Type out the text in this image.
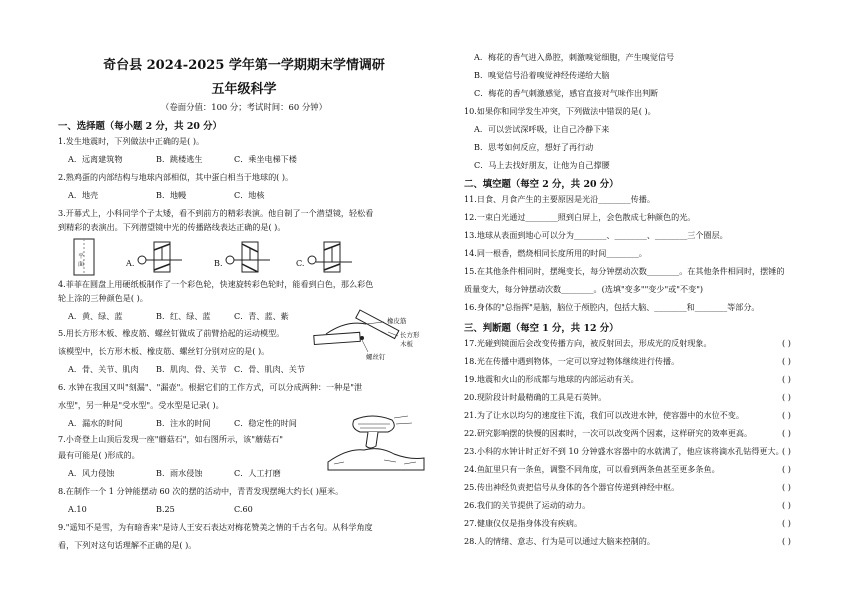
奇台县 2024-2025 学年第一学期期末学情调研
五年级科学
（卷面分值：100 分；考试时间：60 分钟）
一、选择题（每小题 2 分，共 20 分）
1.发生地震时，下列做法中正确的是( )。
A．远离建筑物	B．跳楼逃生	C．乘坐电梯下楼
2.熟鸡蛋的内部结构与地球内部相似，其中蛋白相当于地球的( )。
A．地壳	B．地幔	C．地核
3.开幕式上，小科同学个子太矮，看不到前方的精彩表演。他自制了一个潜望镜，轻松看
到精彩的表演出。下列潜望镜中光的传播路线表达正确的是( )。
平
面	A.	B.	C.
4.菲菲在圆盘上用硬纸板制作了一个彩色轮，快速旋转彩色轮时，能看到白色，那么彩色
轮上涂的三种颜色是( )。
A．黄、绿、蓝	B．红、绿、蓝	C．青、蓝、紫
5.用长方形木板、橡皮筋、螺丝钉做成了前臂拾起的运动模型。
该模型中，长方形木板、橡皮筋、螺丝钉分别对应的是( )。
A．骨、关节、肌肉 B．肌肉、骨、关节 C．骨、肌肉、关节
橡皮筋
长方形
木板
螺丝钉
6. 水钟在我国又叫"刻漏"、"漏壶"。根据它们的工作方式，可以分成两种：一种是"泄
水型"，另一种是"受水型"。受水型是记录( )。
A．漏水的时间	B．注水的时间	C．稳定性的时间
7.小奇登上山顶后发现一座"蘑菇石"，如右图所示，该"蘑菇石"
最有可能是( )形成的。
A．风力侵蚀	B．雨水侵蚀	C．人工打磨
8.在制作一个 1 分钟能摆动 60 次的摆的活动中，青青发现摆绳大约长( )厘米。
A.10	B.25	C.60
9."遥知不是雪，为有暗香来"是诗人王安石表达对梅花赞美之情的千古名句。从科学角度
看，下列对这句话理解不正确的是( )。
A．梅花的香气进入鼻腔，刺激嗅觉细胞，产生嗅觉信号
B．嗅觉信号沿着嗅觉神经传递给大脑
C．梅花的香气刺激感觉，感官直接对气味作出判断
10.如果你和同学发生冲突，下列做法中错误的是( )。
A．可以尝试深呼吸，让自己冷静下来
B．思考如何反应，想好了再行动
C．马上去找好朋友，让他为自己撑腰
二、填空题（每空 2 分，共 20 分）
11.日食、月食产生的主要原因是光沿________传播。
12.一束白光通过________照到白屏上，会色散成七种颜色的光。
13.地球从表面到地心可以分为________、________、________三个圈层。
14.同一根香，燃烧相同长度所用的时间________。
15.在其他条件相同时，摆绳变长，每分钟摆动次数________。在其他条件相同时，摆锤的
质量变大，每分钟摆动次数________。(选填"变多""变少"或"不变")
16.身体的"总指挥"是脑，脑位于颅腔内，包括大脑、________和________等部分。
三、判断题（每空 1 分，共 12 分）
17.光碰到镜面后会改变传播方向，被反射回去，形成光的反射现象。	( )
18.光在传播中遇到物体，一定可以穿过物体继续进行传播。	( )
19.地震和火山的形成都与地球的内部运动有关。	( )
20.现阶段计时最精确的工具是石英钟。	( )
21.为了让水以均匀的速度往下流，我们可以改进水钟，使容器中的水位不变。	( )
22.研究影响摆的快慢的因素时，一次可以改变两个因素，这样研究的效率更高。	( )
23.小科的水钟计时正好不到 10 分钟盛水容器中的水就满了，他应该将滴水孔钻得更大。
( )
24.鱼缸里只有一条鱼，调整不同角度，可以看到两条鱼甚至更多条鱼。	( )
25.传出神经负责把信号从身体的各个器官传递到神经中枢。	( )
26.我们的关节提供了运动的动力。	( )
27.健康仪仅是指身体没有疾病。	( )
28.人的情绪、意志、行为是可以通过大脑来控制的。	( )
